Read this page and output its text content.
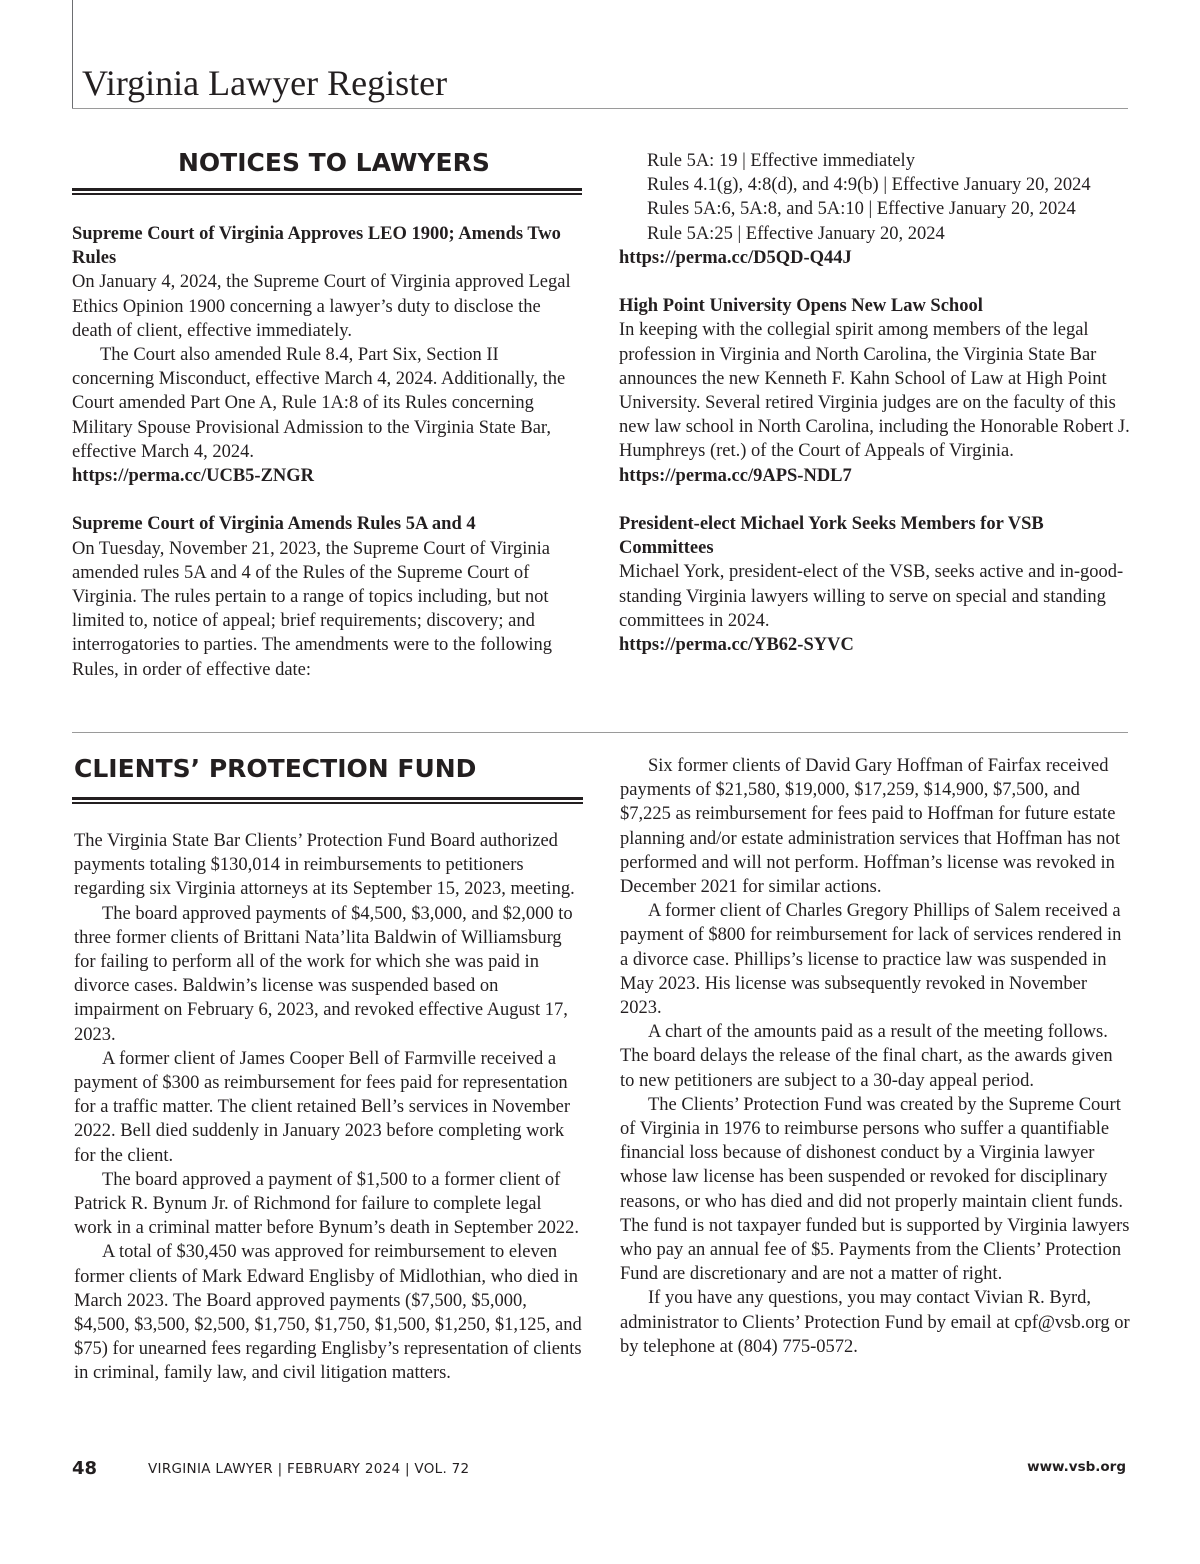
Virginia Lawyer Register
NOTICES TO LAWYERS

Supreme Court of Virginia Approves LEO 1900; Amends Two Rules

On January 4, 2024, the Supreme Court of Virginia approved Legal Ethics Opinion 1900 concerning a lawyer’s duty to disclose the death of client, effective immediately.

The Court also amended Rule 8.4, Part Six, Section II concerning Misconduct, effective March 4, 2024. Additionally, the Court amended Part One A, Rule 1A:8 of its Rules concerning Military Spouse Provisional Admission to the Virginia State Bar, effective March 4, 2024.

https://perma.cc/UCB5-ZNGR

Supreme Court of Virginia Amends Rules 5A and 4

On Tuesday, November 21, 2023, the Supreme Court of Virginia amended rules 5A and 4 of the Rules of the Supreme Court of Virginia. The rules pertain to a range of topics including, but not limited to, notice of appeal; brief requirements; discovery; and interrogatories to parties. The amendments were to the following Rules, in order of effective date:

Rule 5A: 19 | Effective immediately

Rules 4.1(g), 4:8(d), and 4:9(b) | Effective January 20, 2024

Rules 5A:6, 5A:8, and 5A:10 | Effective January 20, 2024

Rule 5A:25 | Effective January 20, 2024

https://perma.cc/D5QD-Q44J

High Point University Opens New Law School

In keeping with the collegial spirit among members of the legal profession in Virginia and North Carolina, the Virginia State Bar announces the new Kenneth F. Kahn School of Law at High Point University. Several retired Virginia judges are on the faculty of this new law school in North Carolina, including the Honorable Robert J. Humphreys (ret.) of the Court of Appeals of Virginia.

https://perma.cc/9APS-NDL7

President-elect Michael York Seeks Members for VSB Committees

Michael York, president-elect of the VSB, seeks active and in-good-standing Virginia lawyers willing to serve on special and standing committees in 2024.

https://perma.cc/YB62-SYVC

CLIENTS’ PROTECTION FUND

The Virginia State Bar Clients’ Protection Fund Board authorized payments totaling $130,014 in reimbursements to petitioners regarding six Virginia attorneys at its September 15, 2023, meeting.

The board approved payments of $4,500, $3,000, and $2,000 to three former clients of Brittani Nata’lita Baldwin of Williamsburg for failing to perform all of the work for which she was paid in divorce cases. Baldwin’s license was suspended based on impairment on February 6, 2023, and revoked effective August 17, 2023.

A former client of James Cooper Bell of Farmville received a payment of $300 as reimbursement for fees paid for representation for a traffic matter. The client retained Bell’s services in November 2022. Bell died suddenly in January 2023 before completing work for the client.

The board approved a payment of $1,500 to a former client of Patrick R. Bynum Jr. of Richmond for failure to complete legal work in a criminal matter before Bynum’s death in September 2022.

A total of $30,450 was approved for reimbursement to eleven former clients of Mark Edward Englisby of Midlothian, who died in March 2023. The Board approved payments ($7,500, $5,000, $4,500, $3,500, $2,500, $1,750, $1,750, $1,500, $1,250, $1,125, and $75) for unearned fees regarding Englisby’s representation of clients in criminal, family law, and civil litigation matters.

Six former clients of David Gary Hoffman of Fairfax received payments of $21,580, $19,000, $17,259, $14,900, $7,500, and $7,225 as reimbursement for fees paid to Hoffman for future estate planning and/or estate administration services that Hoffman has not performed and will not perform. Hoffman’s license was revoked in December 2021 for similar actions.

A former client of Charles Gregory Phillips of Salem received a payment of $800 for reimbursement for lack of services rendered in a divorce case. Phillips’s license to practice law was suspended in May 2023. His license was subsequently revoked in November 2023.

A chart of the amounts paid as a result of the meeting follows. The board delays the release of the final chart, as the awards given to new petitioners are subject to a 30-day appeal period.

The Clients’ Protection Fund was created by the Supreme Court of Virginia in 1976 to reimburse persons who suffer a quantifiable financial loss because of dishonest conduct by a Virginia lawyer whose law license has been suspended or revoked for disciplinary reasons, or who has died and did not properly maintain client funds. The fund is not taxpayer funded but is supported by Virginia lawyers who pay an annual fee of $5. Payments from the Clients’ Protection Fund are discretionary and are not a matter of right.

If you have any questions, you may contact Vivian R. Byrd, administrator to Clients’ Protection Fund by email at cpf@vsb.org or by telephone at (804) 775-0572.

48	VIRGINIA LAWYER | FEBRUARY 2024 | VOL. 72	www.vsb.org
